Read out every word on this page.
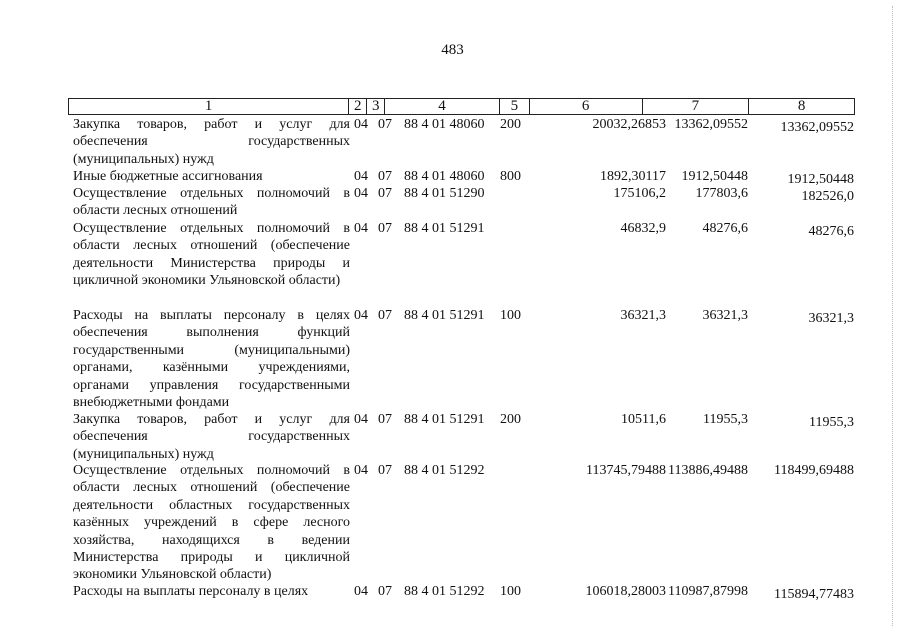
483
1	2 3	4	5	6	7	8
Закупка товаров, работ и услуг для обеспечения государственных (муниципальных) нужд
04 07 88 4 01 48060 200	20032,26853 13362,09552 13362,09552
Иные бюджетные ассигнования	04 07 88 4 01 48060 800	1892,30117 1912,50448	1912,50448
Осуществление отдельных полномочий в области лесных отношений
04 07 88 4 01 51290	175106,2 177803,6	182526,0
Осуществление отдельных полномочий в области лесных отношений (обеспечение деятельности Министерства природы и цикличной экономики Ульяновской области)
04 07 88 4 01 51291	46832,9	48276,6	48276,6
Расходы на выплаты персоналу в целях обеспечения выполнения функций государственными (муниципальными) органами, казёнными учреждениями, органами управления государственными внебюджетными фондами
04 07 88 4 01 51291 100	36321,3	36321,3	36321,3
Закупка товаров, работ и услуг для обеспечения государственных (муниципальных) нужд
04 07 88 4 01 51291 200	10511,6	11955,3	11955,3
Осуществление отдельных полномочий в области лесных отношений (обеспечение деятельности областных государственных казённых учреждений в сфере лесного хозяйства, находящихся в ведении Министерства природы и цикличной экономики Ульяновской области)
04 07 88 4 01 51292	113745,79488 113886,49488 118499,69488
Расходы на выплаты персоналу в целях	04 07 88 4 01 51292 100	106018,28003 110987,87998 115894,77483
